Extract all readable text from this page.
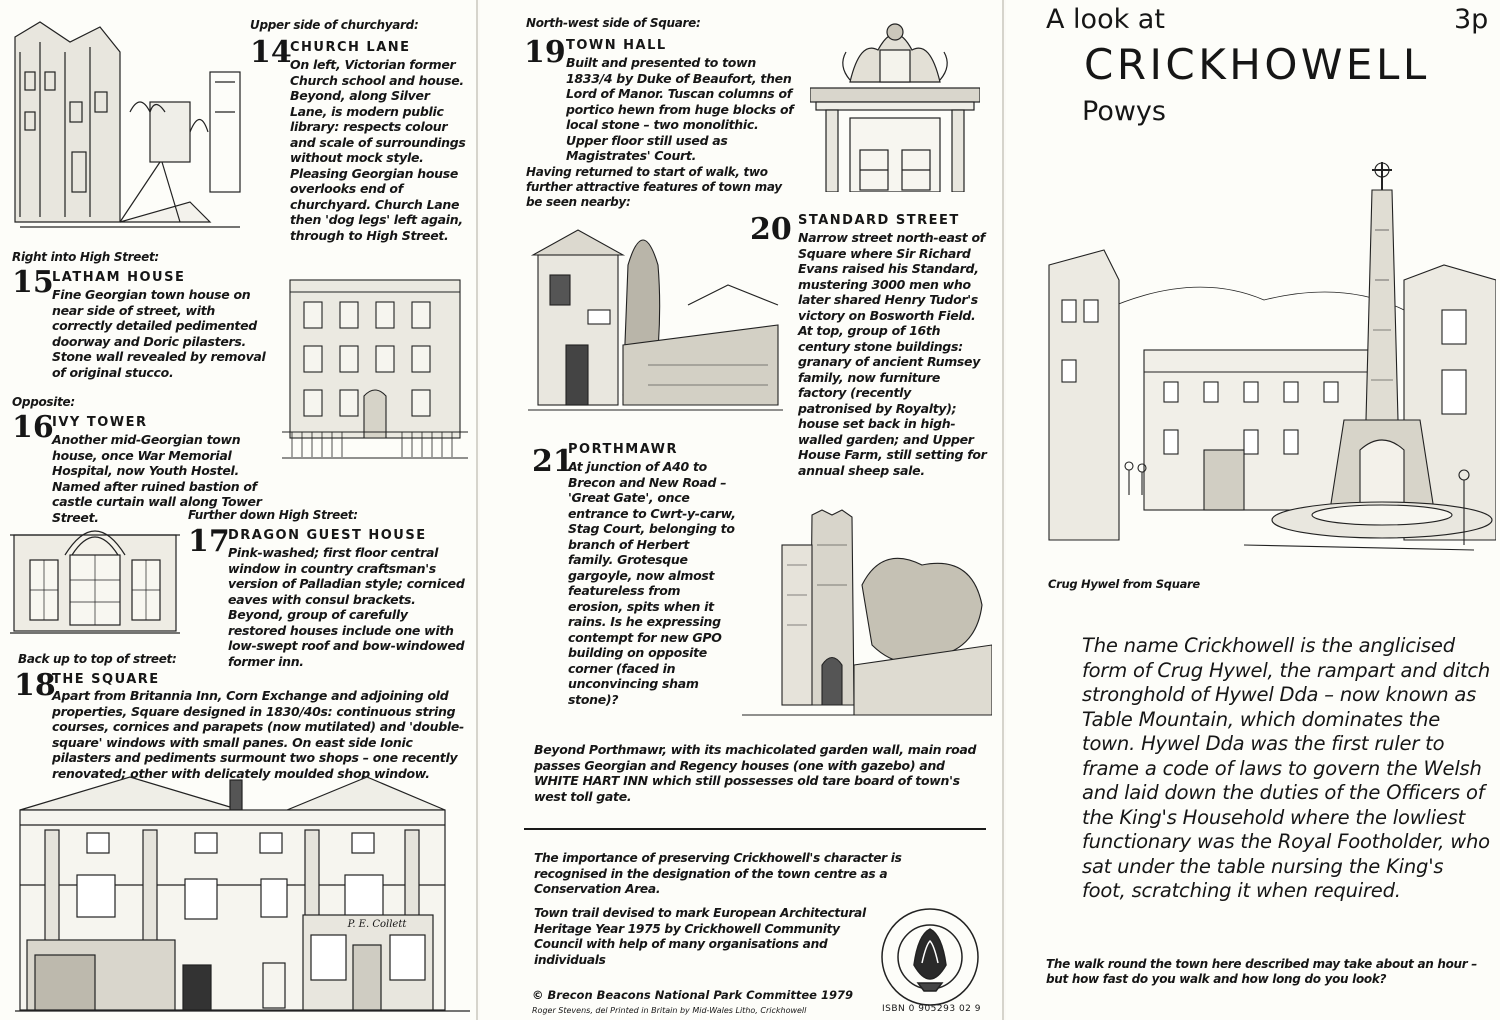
Upper side of churchyard:
14
CHURCH LANE
On left, Victorian former Church school and house. Beyond, along Silver Lane, is modern public library: respects colour and scale of surroundings without mock style. Pleasing Georgian house overlooks end of churchyard. Church Lane then 'dog legs' left again, through to High Street.
Right into High Street:
15
LATHAM HOUSE
Fine Georgian town house on near side of street, with correctly detailed pedimented doorway and Doric pilasters. Stone wall revealed by removal of original stucco.
Opposite:
16
IVY TOWER
Another mid-Georgian town house, once War Memorial Hospital, now Youth Hostel. Named after ruined bastion of castle curtain wall along Tower Street.	Further down High Street:
17
DRAGON GUEST HOUSE
Pink-washed; first floor central window in country craftsman's version of Palladian style; corniced eaves with consul brackets. Beyond, group of carefully restored houses include one with low-swept roof and bow-windowed former inn.
Back up to top of street:
18
THE SQUARE
Apart from Britannia Inn, Corn Exchange and adjoining old properties, Square designed in 1830/40s: continuous string courses, cornices and parapets (now mutilated) and 'double-square' windows with small panes. On east side Ionic pilasters and pediments surmount two shops – one recently renovated; other with delicately moulded shop window.
P. E. Collett
North-west side of Square:
19 TOWN HALL
Built and presented to town 1833/4 by Duke of Beaufort, then Lord of Manor. Tuscan columns of portico hewn from huge blocks of local stone – two monolithic. Upper floor still used as Magistrates' Court.
Having returned to start of walk, two further attractive features of town may be seen nearby:
20 STANDARD STREET
Narrow street north-east of Square where Sir Richard Evans raised his Standard, mustering 3000 men who later shared Henry Tudor's victory on Bosworth Field. At top, group of 16th century stone buildings: granary of ancient Rumsey family, now furniture factory (recently patronised by Royalty); house set back in high-walled garden; and Upper House Farm, still setting for annual sheep sale.
21
PORTHMAWR
At junction of A40 to Brecon and New Road – 'Great Gate', once entrance to Cwrt-y-carw, Stag Court, belonging to branch of Herbert family. Grotesque gargoyle, now almost featureless from erosion, spits when it rains. Is he expressing contempt for new GPO building on opposite corner (faced in unconvincing sham stone)?
Beyond Porthmawr, with its machicolated garden wall, main road passes Georgian and Regency houses (one with gazebo) and WHITE HART INN which still possesses old tare board of town's west toll gate.
The importance of preserving Crickhowell's character is recognised in the designation of the town centre as a Conservation Area.
Town trail devised to mark European Architectural Heritage Year 1975 by Crickhowell Community Council with help of many organisations and individuals
© Brecon Beacons National Park Committee 1979
Roger Stevens, del Printed in Britain by Mid-Wales Litho, Crickhowell	ISBN 0 905293 02 9
A look at	3p
CRICKHOWELL
Powys
Crug Hywel from Square
The name Crickhowell is the anglicised form of Crug Hywel, the rampart and ditch stronghold of Hywel Dda – now known as Table Mountain, which dominates the town. Hywel Dda was the first ruler to frame a code of laws to govern the Welsh and laid down the duties of the Officers of the King's Household where the lowliest functionary was the Royal Footholder, who sat under the table nursing the King's foot, scratching it when required.
The walk round the town here described may take about an hour – but how fast do you walk and how long do you look?
